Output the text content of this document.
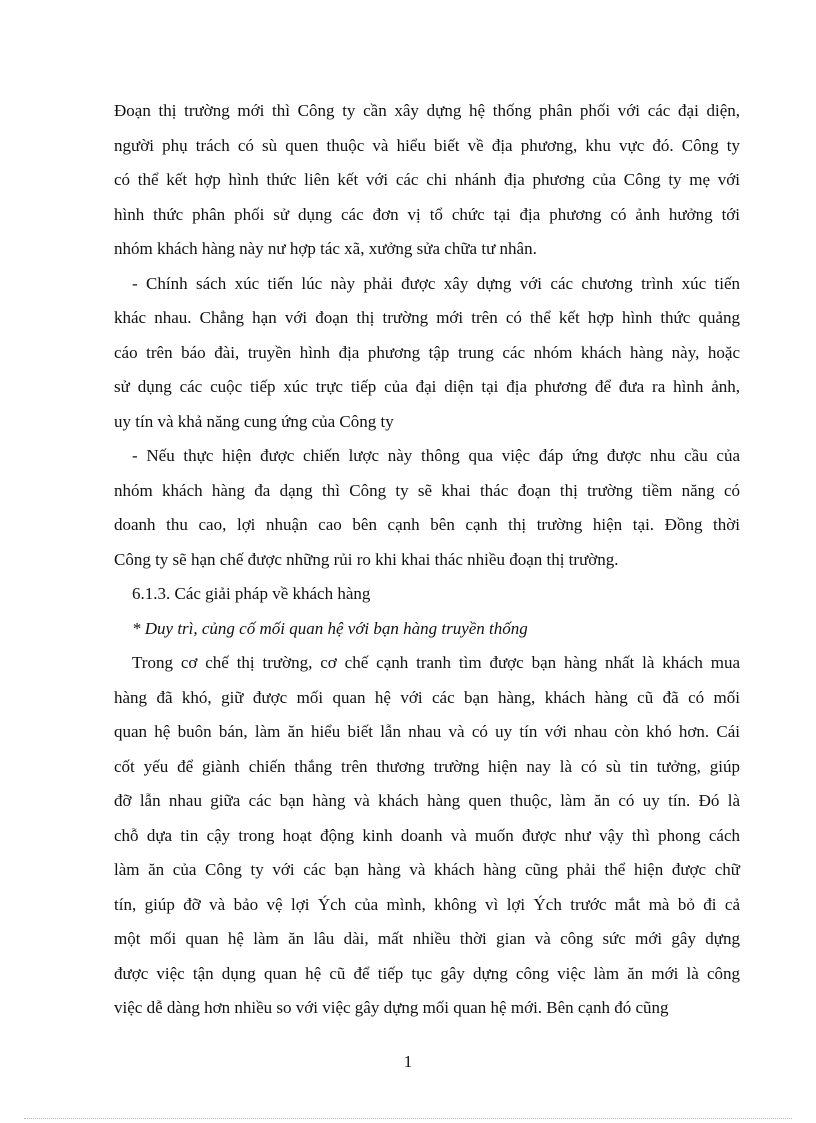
Đoạn thị trường mới thì Công ty cần xây dựng hệ thống phân phối với các đại diện,
người phụ trách có sù quen thuộc và hiểu biết về địa phương, khu vực đó. Công ty
có thể kết hợp hình thức liên kết với các chi nhánh địa phương của Công ty mẹ với
hình thức phân phối sử dụng các đơn vị tổ chức tại địa phương có ảnh hưởng tới
nhóm khách hàng này nư hợp tác xã, xưởng sửa chữa tư nhân.

- Chính sách xúc tiến lúc này phải được xây dựng với các chương trình xúc tiến
khác nhau. Chẳng hạn với đoạn thị trường mới trên có thể kết hợp hình thức quảng
cáo trên báo đài, truyền hình địa phương tập trung các nhóm khách hàng này, hoặc
sử dụng các cuộc tiếp xúc trực tiếp của đại diện tại địa phương để đưa ra hình ảnh,
uy tín và khả năng cung ứng của Công ty

- Nếu thực hiện được chiến lược này thông qua việc đáp ứng được nhu cầu của
nhóm khách hàng đa dạng thì Công ty sẽ khai thác đoạn thị trường tiềm năng có
doanh thu cao, lợi nhuận cao bên cạnh bên cạnh thị trường hiện tại. Đồng thời
Công ty sẽ hạn chế được những rủi ro khi khai thác nhiều đoạn thị trường.

6.1.3. Các giải pháp về khách hàng

* Duy trì, củng cố mối quan hệ với bạn hàng truyền thống

Trong cơ chế thị trường, cơ chế cạnh tranh tìm được bạn hàng nhất là khách mua
hàng đã khó, giữ được mối quan hệ với các bạn hàng, khách hàng cũ đã có mối
quan hệ buôn bán, làm ăn hiểu biết lẫn nhau và có uy tín với nhau còn khó hơn. Cái
cốt yếu để giành chiến thắng trên thương trường hiện nay là có sù tin tưởng, giúp
đỡ lẫn nhau giữa các bạn hàng và khách hàng quen thuộc, làm ăn có uy tín. Đó là
chỗ dựa tin cậy trong hoạt động kinh doanh và muốn được như vậy thì phong cách
làm ăn của Công ty với các bạn hàng và khách hàng cũng phải thể hiện được chữ
tín, giúp đỡ và bảo vệ lợi Ých của mình, không vì lợi Ých trước mắt mà bỏ đi cả
một mối quan hệ làm ăn lâu dài, mất nhiều thời gian và công sức mới gây dựng
được việc tận dụng quan hệ cũ để tiếp tục gây dựng công việc làm ăn mới là công
việc dễ dàng hơn nhiều so với việc gây dựng mối quan hệ mới. Bên cạnh đó cũng

1
